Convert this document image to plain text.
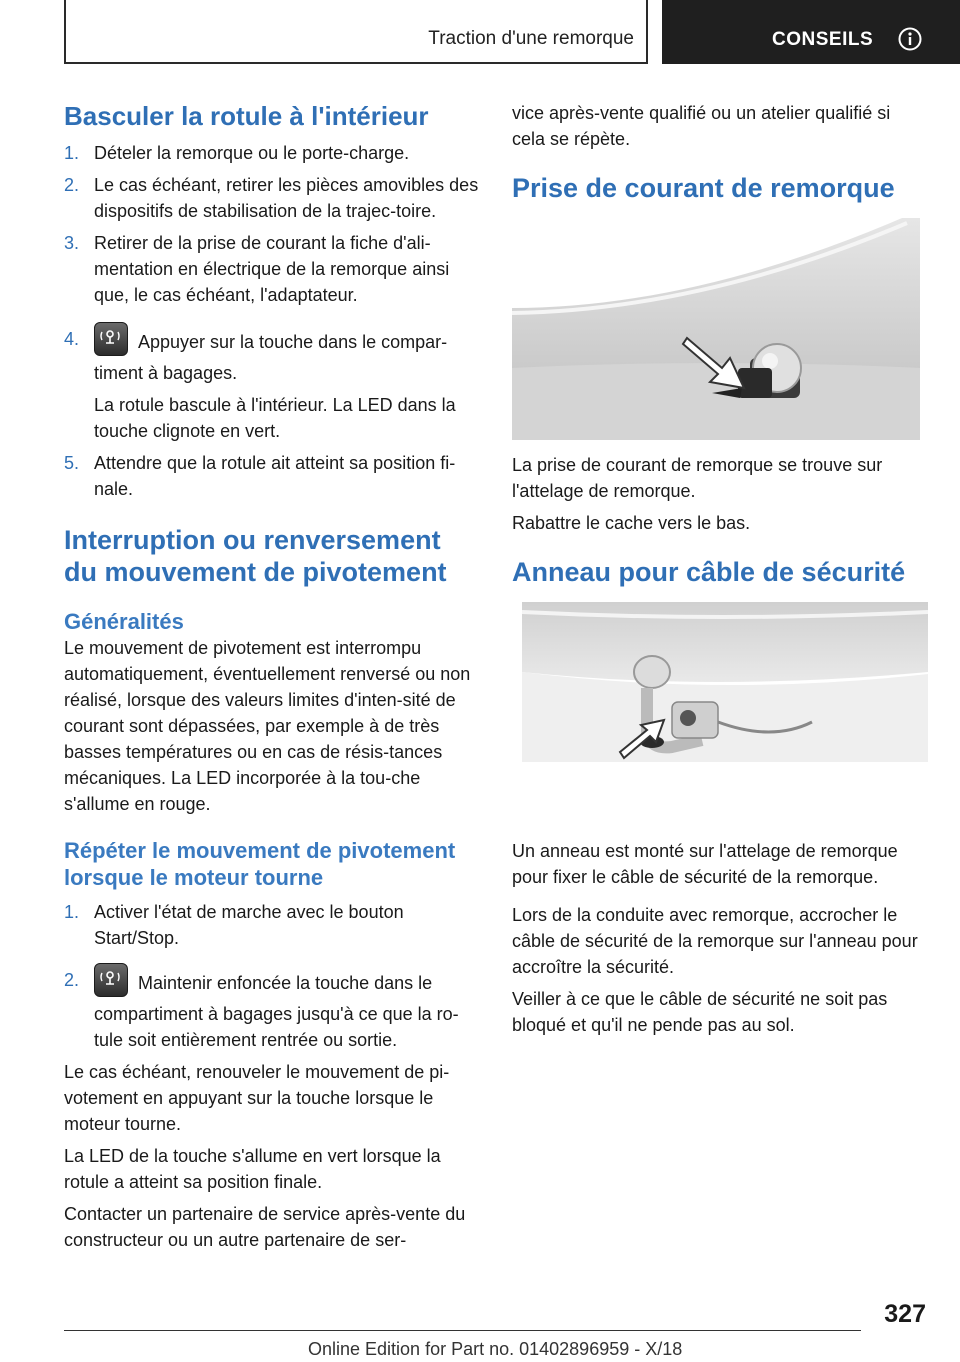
Traction d'une remorque	CONSEILS
Basculer la rotule à l'intérieur
1. Dételer la remorque ou le porte-charge.

2. Le cas échéant, retirer les pièces amovibles des dispositifs de stabilisation de la trajec-toire.

3. Retirer de la prise de courant la fiche d'ali-mentation en électrique de la remorque ainsi que, le cas échéant, l'adaptateur.

4.	Appuyer sur la touche dans le compar-timent à bagages.

La rotule bascule à l'intérieur. La LED dans la touche clignote en vert.

5. Attendre que la rotule ait atteint sa position fi-nale.

Interruption ou renversement du mouvement de pivotement
Généralités

Le mouvement de pivotement est interrompu automatiquement, éventuellement renversé ou non réalisé, lorsque des valeurs limites d'inten-sité de courant sont dépassées, par exemple à de très basses températures ou en cas de résis-tances mécaniques. La LED incorporée à la tou-che s'allume en rouge.

Répéter le mouvement de pivotement lorsque le moteur tourne
1. Activer l'état de marche avec le bouton Start/Stop.

2.	Maintenir enfoncée la touche dans le compartiment à bagages jusqu'à ce que la ro-tule soit entièrement rentrée ou sortie.

Le cas échéant, renouveler le mouvement de pi-votement en appuyant sur la touche lorsque le moteur tourne.

La LED de la touche s'allume en vert lorsque la rotule a atteint sa position finale.

Contacter un partenaire de service après-vente du constructeur ou un autre partenaire de ser-

vice après-vente qualifié ou un atelier qualifié si cela se répète.

Prise de courant de remorque

La prise de courant de remorque se trouve sur l'attelage de remorque.

Rabattre le cache vers le bas.

Anneau pour câble de sécurité

Un anneau est monté sur l'attelage de remorque pour fixer le câble de sécurité de la remorque.

Lors de la conduite avec remorque, accrocher le câble de sécurité de la remorque sur l'anneau pour accroître la sécurité.

Veiller à ce que le câble de sécurité ne soit pas bloqué et qu'il ne pende pas au sol.

327
Online Edition for Part no. 01402896959 - X/18
